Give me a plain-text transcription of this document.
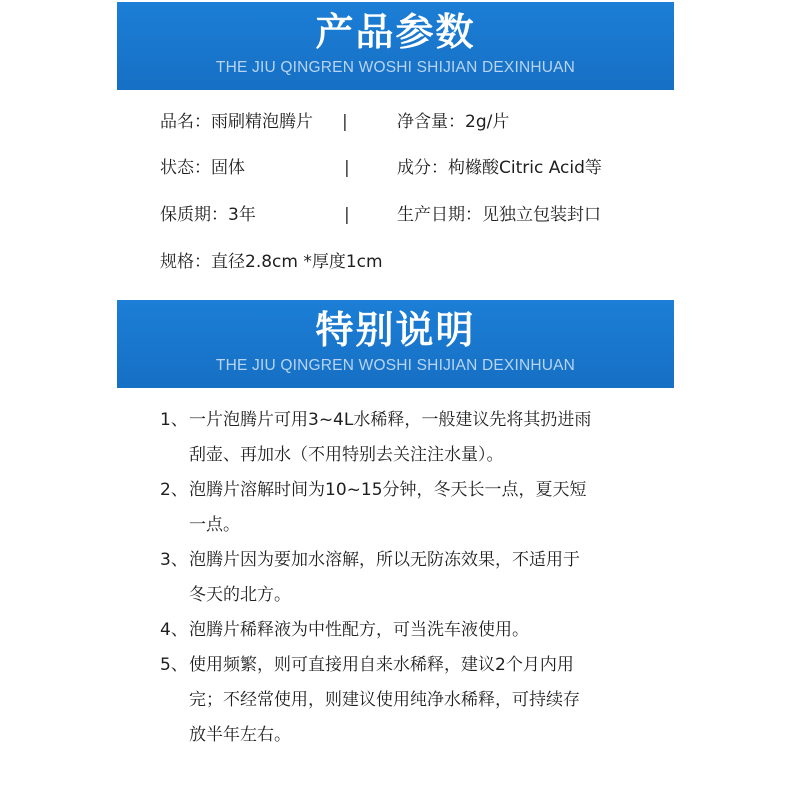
产品参数
THE JIU QINGREN WOSHI SHIJIAN DEXINHUAN
品名：雨刷精泡腾片 |	净含量：2g/片
状态：固体	|	成分：枸橼酸Citric Acid等
保质期：3年	|	生产日期：见独立包装封口
规格：直径2.8cm *厚度1cm
特别说明
THE JIU QINGREN WOSHI SHIJIAN DEXINHUAN
1、 一片泡腾片可用3~4L水稀释，一般建议先将其扔进雨
刮壶、再加水（不用特别去关注注水量）。
2、 泡腾片溶解时间为10~15分钟，冬天长一点，夏天短
一点。
3、 泡腾片因为要加水溶解，所以无防冻效果，不适用于
冬天的北方。
4、 泡腾片稀释液为中性配方，可当洗车液使用。
5、 使用频繁，则可直接用自来水稀释，建议2个月内用
完；不经常使用，则建议使用纯净水稀释，可持续存
放半年左右。
